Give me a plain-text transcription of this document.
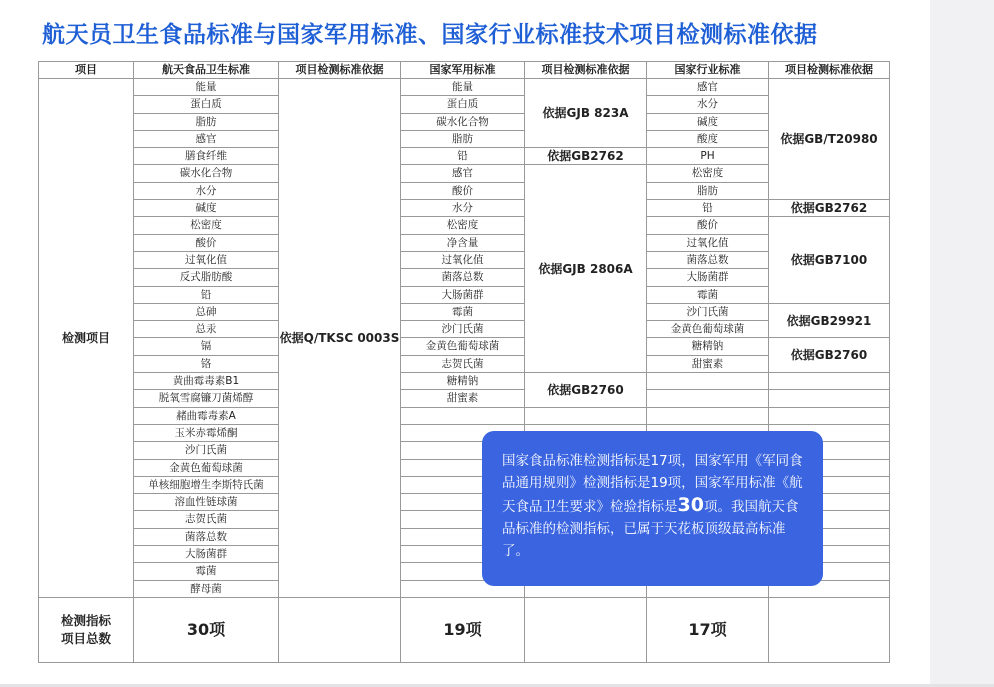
航天员卫生食品标准与国家军用标准、国家行业标准技术项目检测标准依据
项目	航天食品卫生标准	项目检测标准依据	国家军用标准	项目检测标准依据	国家行业标准	项目检测标准依据
检测项目	能量	依据Q/TKSC 0003S	能量	依据GJB 823A	感官	依据GB/T20980
	蛋白质		蛋白质		水分	
	脂肪		碳水化合物		碱度	
	感官		脂肪		酸度	
	膳食纤维		铅	依据GB2762	PH	
	碳水化合物		感官	依据GJB 2806A	松密度	
	水分		酸价		脂肪	
	碱度		水分		铅	依据GB2762
	松密度		松密度		酸价	依据GB7100
	酸价		净含量		过氧化值	
	过氧化值		过氧化值		菌落总数	
	反式脂肪酸		菌落总数		大肠菌群	
	铅		大肠菌群		霉菌	
	总砷		霉菌		沙门氏菌	依据GB29921
	总汞		沙门氏菌		金黄色葡萄球菌	
	镉		金黄色葡萄球菌		糖精钠	依据GB2760
	铬		志贺氏菌		甜蜜素	
	黄曲霉毒素B1		糖精钠	依据GB2760		
	脱氧雪腐镰刀菌烯醇		甜蜜素			
	赭曲霉毒素A					
	玉米赤霉烯酮					
	沙门氏菌					
	金黄色葡萄球菌					
	单核细胞增生李斯特氏菌					
	溶血性链球菌					
	志贺氏菌					
	菌落总数					
	大肠菌群					
	霉菌					
	酵母菌					
检测指标
项目总数	30项		19项		17项	
国家食品标准检测指标是17项，国家军用《军同食品通用规则》检测指标是19项，国家军用标准《航天食品卫生要求》检验指标是30项。我国航天食品标准的检测指标，已属于天花板顶级最高标准了。
